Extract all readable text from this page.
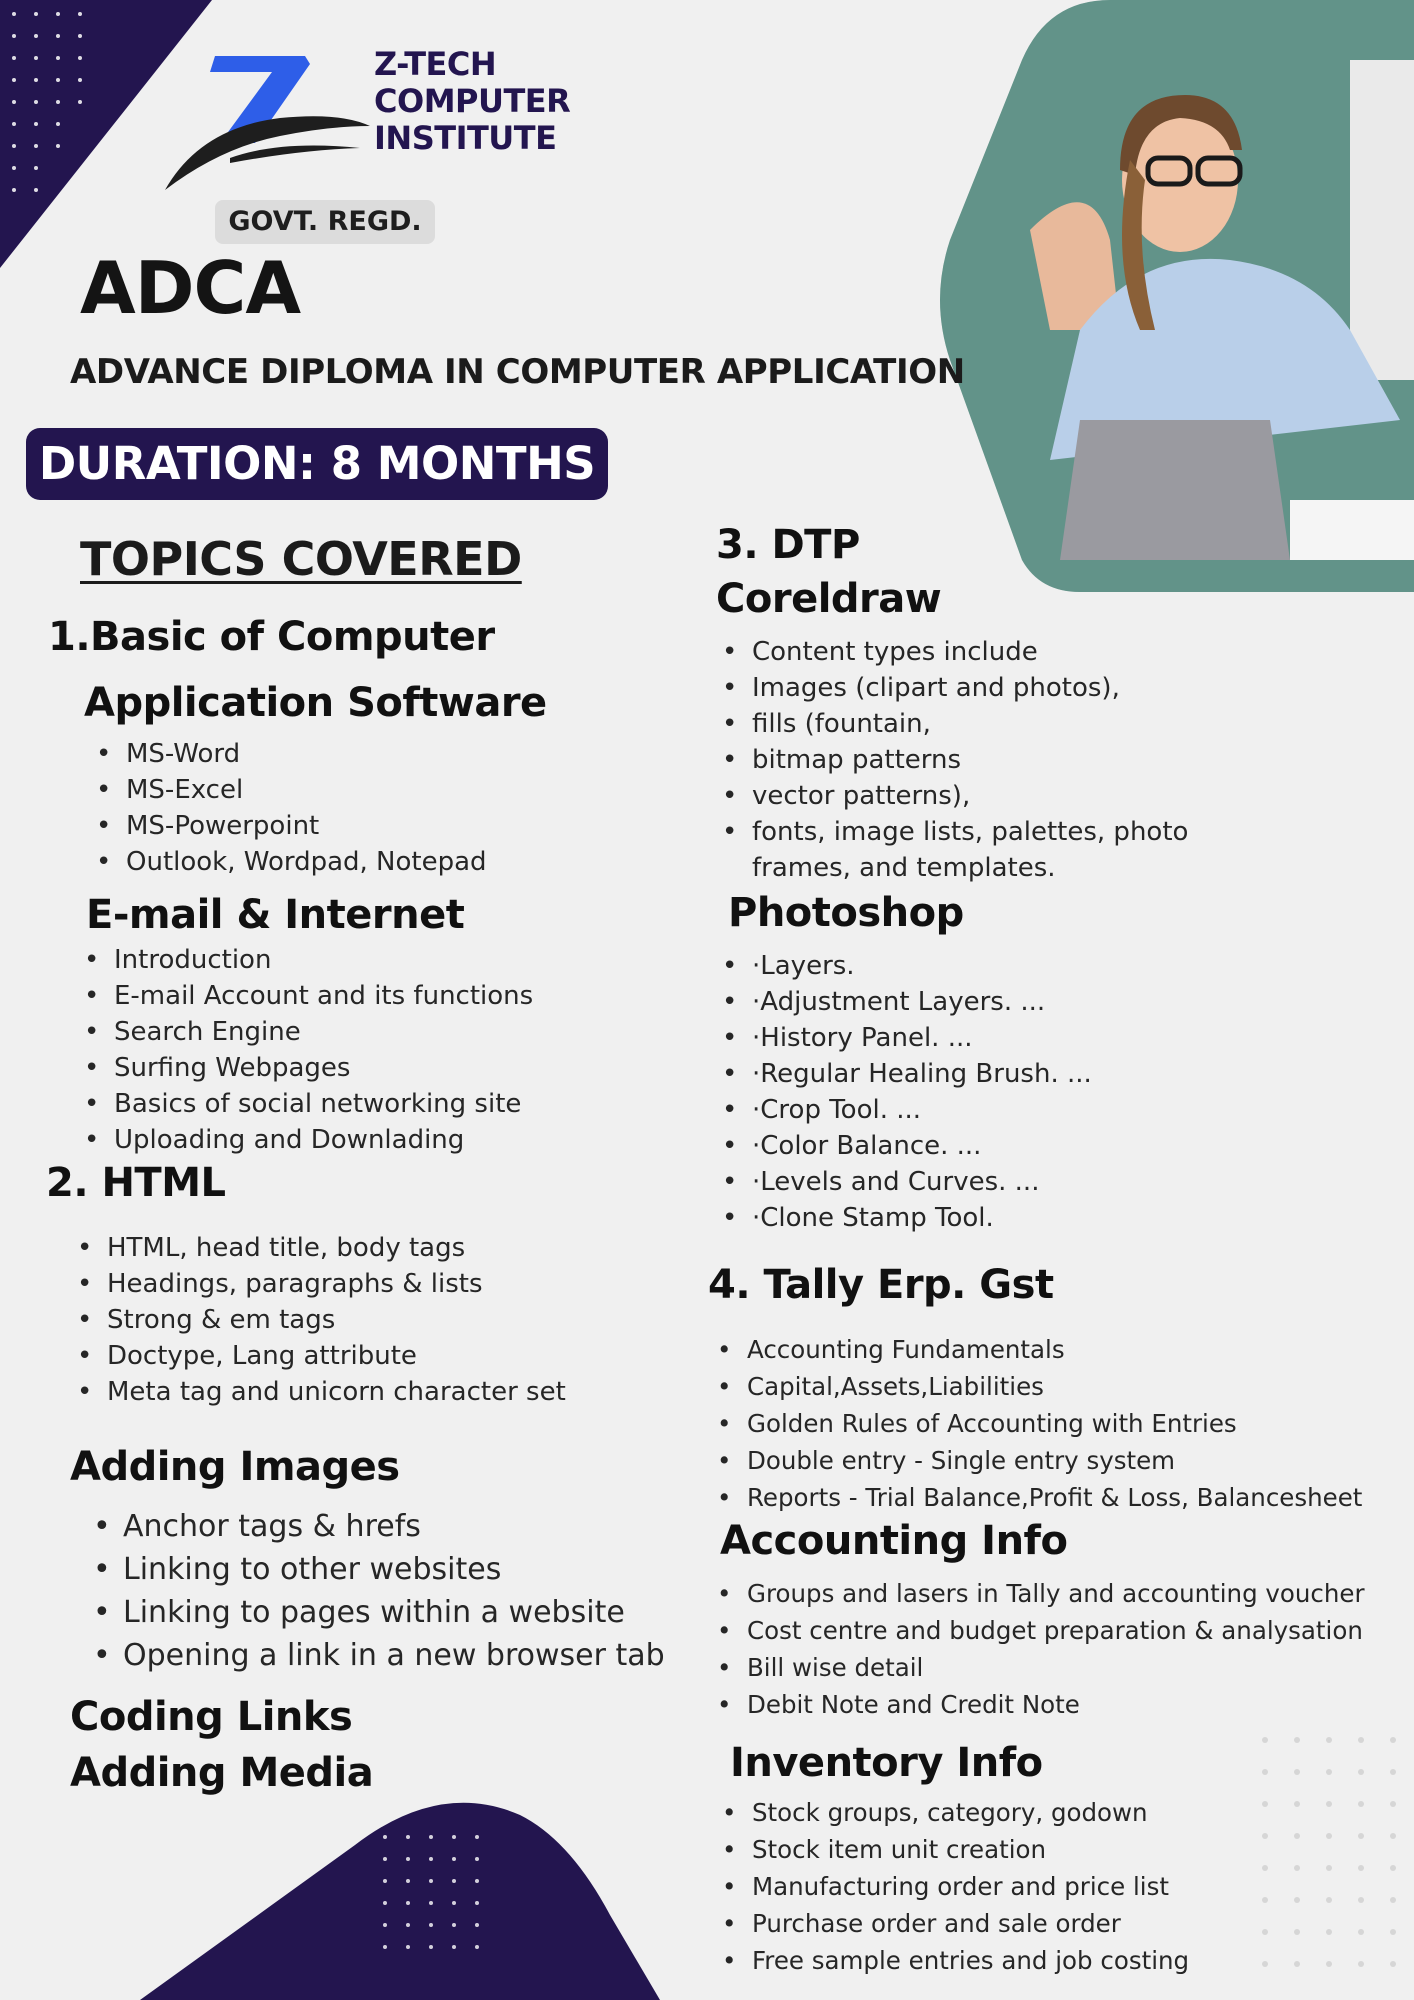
Z-TECH
COMPUTER
INSTITUTE
GOVT. REGD.
ADCA
ADVANCE DIPLOMA IN COMPUTER APPLICATION
DURATION: 8 MONTHS
TOPICS COVERED
1.Basic of Computer
Application Software
• MS-Word
• MS-Excel
• MS-Powerpoint
• Outlook, Wordpad, Notepad
E-mail & Internet
• Introduction
• E-mail Account and its functions
• Search Engine
• Surfing Webpages
• Basics of social networking site
• Uploading and Downlading
2. HTML
• HTML, head title, body tags
• Headings, paragraphs & lists
• Strong & em tags
• Doctype, Lang attribute
• Meta tag and unicorn character set
Adding Images
• Anchor tags & hrefs
• Linking to other websites
• Linking to pages within a website
• Opening a link in a new browser tab
Coding Links
Adding Media
3. DTP
Coreldraw
• Content types include
• Images (clipart and photos),
• fills (fountain,
• bitmap patterns
• vector patterns),
• fonts, image lists, palettes, photo
frames, and templates.
Photoshop
• ·Layers.
• ·Adjustment Layers. ...
• ·History Panel. ...
• ·Regular Healing Brush. ...
• ·Crop Tool. ...
• ·Color Balance. ...
• ·Levels and Curves. ...
• ·Clone Stamp Tool.
4. Tally Erp. Gst
• Accounting Fundamentals
• Capital,Assets,Liabilities
• Golden Rules of Accounting with Entries
• Double entry - Single entry system
• Reports - Trial Balance,Profit & Loss, Balancesheet
Accounting Info
• Groups and lasers in Tally and accounting voucher
• Cost centre and budget preparation & analysation
• Bill wise detail
• Debit Note and Credit Note
Inventory Info
• Stock groups, category, godown
• Stock item unit creation
• Manufacturing order and price list
• Purchase order and sale order
• Free sample entries and job costing
